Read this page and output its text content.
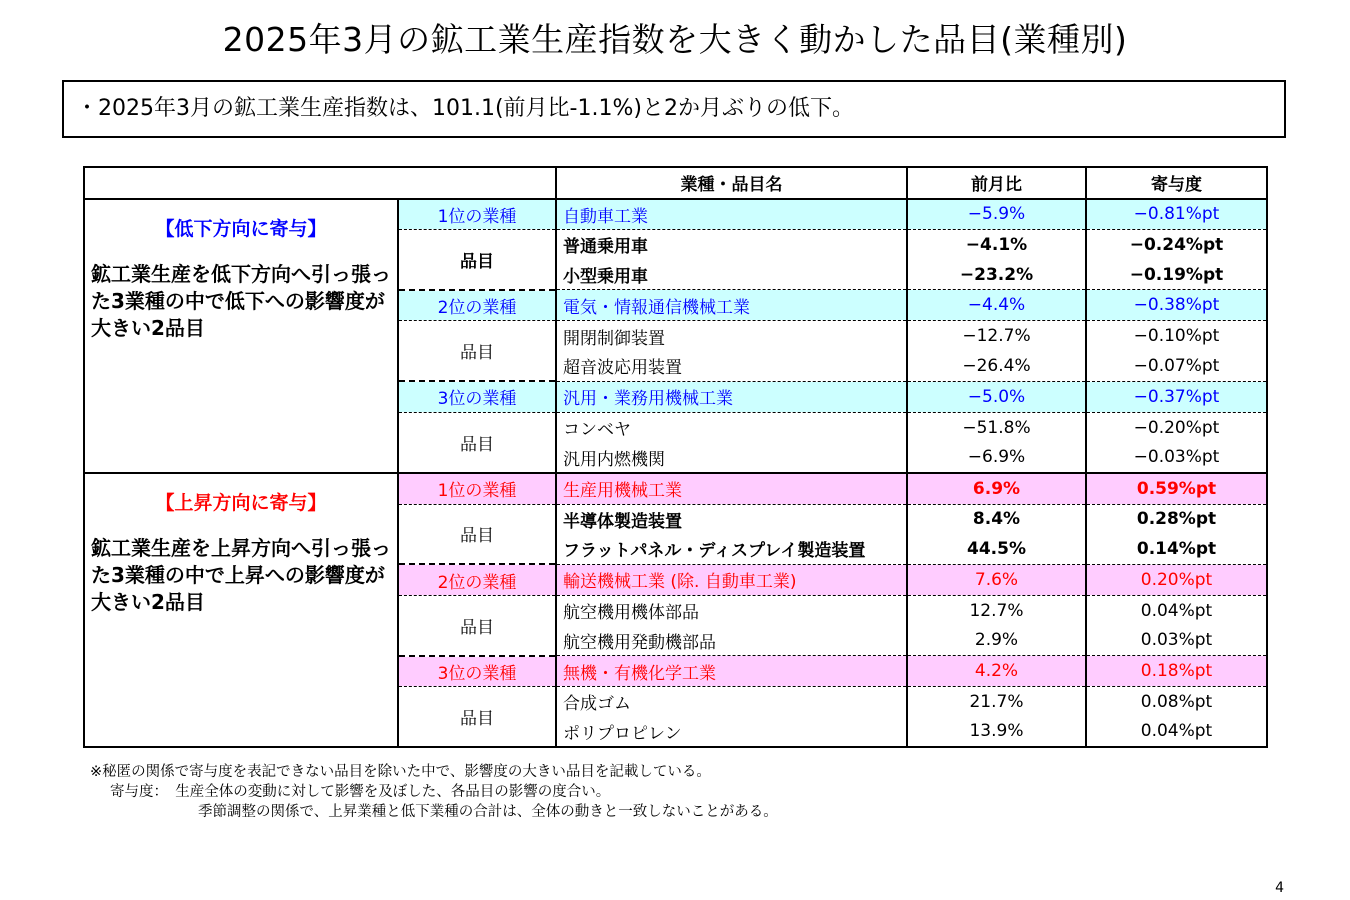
2025年3月の鉱工業生産指数を大きく動かした品目(業種別)
・2025年3月の鉱工業生産指数は、101.1(前月比-1.1%)と2か月ぶりの低下。
		業種・品目名	前月比	寄与度

【低下方向に寄与】
鉱工業生産を低下方向へ引っ張った3業種の中で低下への影響度が大きい2品目	1位の業種	自動車工業	−5.9%	−0.81%pt
	品目	普通乗用車	−4.1%	−0.24%pt
		小型乗用車	−23.2%	−0.19%pt
	2位の業種	電気・情報通信機械工業	−4.4%	−0.38%pt
	品目	開閉制御装置	−12.7%	−0.10%pt
		超音波応用装置	−26.4%	−0.07%pt
	3位の業種	汎用・業務用機械工業	−5.0%	−0.37%pt
	品目	コンベヤ	−51.8%	−0.20%pt
		汎用内燃機関	−6.9%	−0.03%pt

【上昇方向に寄与】
鉱工業生産を上昇方向へ引っ張った3業種の中で上昇への影響度が大きい2品目	1位の業種	生産用機械工業	6.9%	0.59%pt
	品目	半導体製造装置	8.4%	0.28%pt
		フラットパネル・ディスプレイ製造装置	44.5%	0.14%pt
	2位の業種	輸送機械工業 (除. 自動車工業)	7.6%	0.20%pt
	品目	航空機用機体部品	12.7%	0.04%pt
		航空機用発動機部品	2.9%	0.03%pt
	3位の業種	無機・有機化学工業	4.2%	0.18%pt
	品目	合成ゴム	21.7%	0.08%pt
		ポリプロピレン	13.9%	0.04%pt
※秘匿の関係で寄与度を表記できない品目を除いた中で、影響度の大きい品目を記載している。
寄与度：　生産全体の変動に対して影響を及ぼした、各品目の影響の度合い。
季節調整の関係で、上昇業種と低下業種の合計は、全体の動きと一致しないことがある。
4
